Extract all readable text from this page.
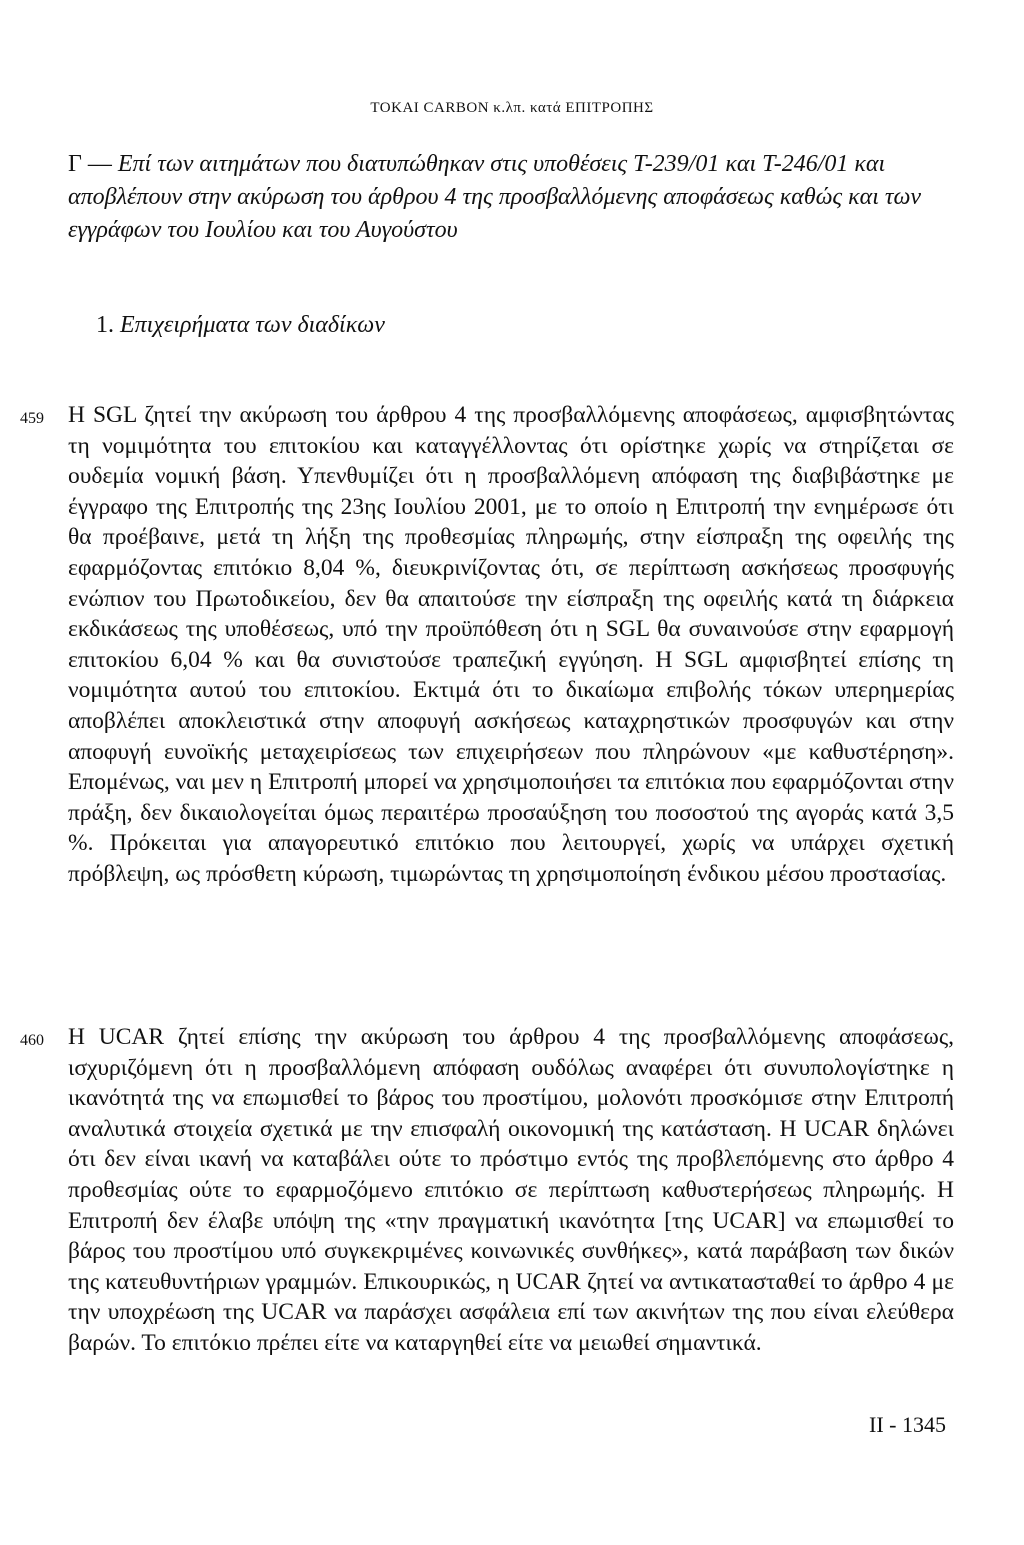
TOKAI CARBON κ.λπ. κατά ΕΠΙΤΡΟΠΗΣ
Γ — Επί των αιτημάτων που διατυπώθηκαν στις υποθέσεις T-239/01 και T-246/01 και αποβλέπουν στην ακύρωση του άρθρου 4 της προσβαλλόμενης αποφάσεως καθώς και των εγγράφων του Ιουλίου και του Αυγούστου
1. Επιχειρήματα των διαδίκων
459	Η SGL ζητεί την ακύρωση του άρθρου 4 της προσβαλλόμενης αποφάσεως, αμφισβητώντας τη νομιμότητα του επιτοκίου και καταγγέλλοντας ότι ορίστηκε χωρίς να στηρίζεται σε ουδεμία νομική βάση. Υπενθυμίζει ότι η προσβαλλόμενη απόφαση της διαβιβάστηκε με έγγραφο της Επιτροπής της 23ης Ιουλίου 2001, με το οποίο η Επιτροπή την ενημέρωσε ότι θα προέβαινε, μετά τη λήξη της προθεσμίας πληρωμής, στην είσπραξη της οφειλής της εφαρμόζοντας επιτόκιο 8,04 %, διευκρινίζοντας ότι, σε περίπτωση ασκήσεως προσφυγής ενώπιον του Πρωτοδικείου, δεν θα απαιτούσε την είσπραξη της οφειλής κατά τη διάρκεια εκδικάσεως της υποθέσεως, υπό την προϋπόθεση ότι η SGL θα συναινούσε στην εφαρμογή επιτοκίου 6,04 % και θα συνιστούσε τραπεζική εγγύηση. Η SGL αμφισβητεί επίσης τη νομιμότητα αυτού του επιτοκίου. Εκτιμά ότι το δικαίωμα επιβολής τόκων υπερημερίας αποβλέπει αποκλειστικά στην αποφυγή ασκήσεως καταχρηστικών προσφυγών και στην αποφυγή ευνοϊκής μεταχειρίσεως των επιχειρήσεων που πληρώνουν «με καθυστέρηση». Επομένως, ναι μεν η Επιτροπή μπορεί να χρησιμοποιήσει τα επιτόκια που εφαρμόζονται στην πράξη, δεν δικαιολογείται όμως περαιτέρω προσαύξηση του ποσοστού της αγοράς κατά 3,5 %. Πρόκειται για απαγορευτικό επιτόκιο που λειτουργεί, χωρίς να υπάρχει σχετική πρόβλεψη, ως πρόσθετη κύρωση, τιμωρώντας τη χρησιμοποίηση ένδικου μέσου προστασίας.
460	Η UCAR ζητεί επίσης την ακύρωση του άρθρου 4 της προσβαλλόμενης αποφάσεως, ισχυριζόμενη ότι η προσβαλλόμενη απόφαση ουδόλως αναφέρει ότι συνυπολογίστηκε η ικανότητά της να επωμισθεί το βάρος του προστίμου, μολονότι προσκόμισε στην Επιτροπή αναλυτικά στοιχεία σχετικά με την επισφαλή οικονομική της κατάσταση. Η UCAR δηλώνει ότι δεν είναι ικανή να καταβάλει ούτε το πρόστιμο εντός της προβλεπόμενης στο άρθρο 4 προθεσμίας ούτε το εφαρμοζόμενο επιτόκιο σε περίπτωση καθυστερήσεως πληρωμής. Η Επιτροπή δεν έλαβε υπόψη της «την πραγματική ικανότητα [της UCAR] να επωμισθεί το βάρος του προστίμου υπό συγκεκριμένες κοινωνικές συνθήκες», κατά παράβαση των δικών της κατευθυντήριων γραμμών. Επικουρικώς, η UCAR ζητεί να αντικατασταθεί το άρθρο 4 με την υποχρέωση της UCAR να παράσχει ασφάλεια επί των ακινήτων της που είναι ελεύθερα βαρών. Το επιτόκιο πρέπει είτε να καταργηθεί είτε να μειωθεί σημαντικά.
II - 1345
